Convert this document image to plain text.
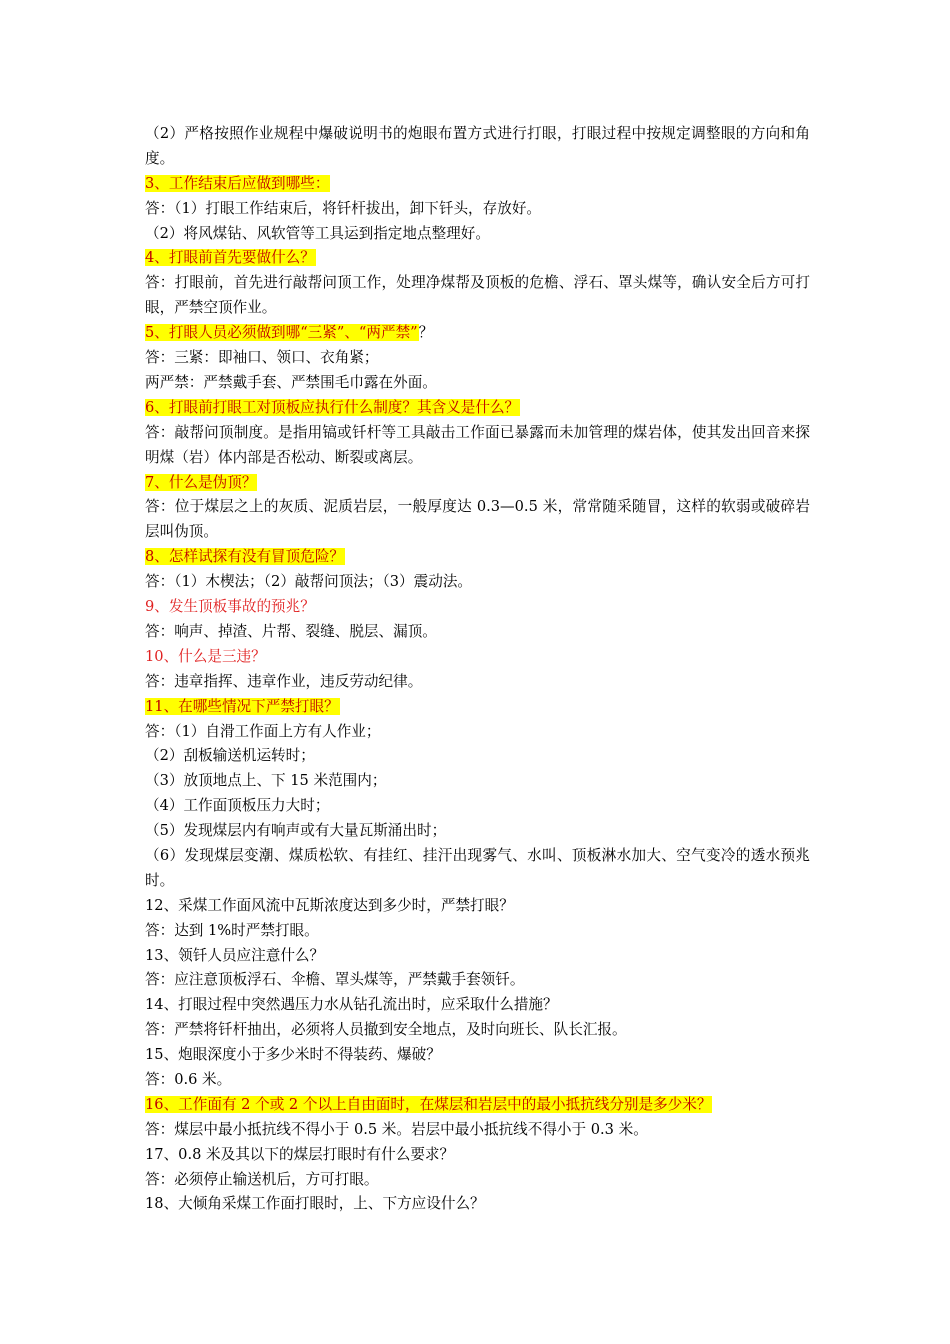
（2）严格按照作业规程中爆破说明书的炮眼布置方式进行打眼，打眼过程中按规定调整眼的方向和角度。
3、工作结束后应做到哪些：
答：（1）打眼工作结束后，将钎杆拔出，卸下钎头，存放好。
（2）将风煤钻、风软管等工具运到指定地点整理好。
4、打眼前首先要做什么？
答：打眼前，首先进行敲帮问顶工作，处理净煤帮及顶板的危檐、浮石、罩头煤等，确认安全后方可打眼，严禁空顶作业。
5、打眼人员必须做到哪“三紧”、“两严禁”？
答：三紧：即袖口、领口、衣角紧；
两严禁：严禁戴手套、严禁围毛巾露在外面。
6、打眼前打眼工对顶板应执行什么制度？其含义是什么？
答：敲帮问顶制度。是指用镐或钎杆等工具敲击工作面已暴露而未加管理的煤岩体，使其发出回音来探明煤（岩）体内部是否松动、断裂或离层。
7、什么是伪顶？
答：位于煤层之上的灰质、泥质岩层，一般厚度达 0.3—0.5 米，常常随采随冒，这样的软弱或破碎岩层叫伪顶。
8、怎样试探有没有冒顶危险？
答：（1）木楔法；（2）敲帮问顶法；（3）震动法。
9、发生顶板事故的预兆？
答：响声、掉渣、片帮、裂缝、脱层、漏顶。
10、什么是三违？
答：违章指挥、违章作业，违反劳动纪律。
11、在哪些情况下严禁打眼？
答：（1）自滑工作面上方有人作业；
（2）刮板输送机运转时；
（3）放顶地点上、下 15 米范围内；
（4）工作面顶板压力大时；
（5）发现煤层内有响声或有大量瓦斯涌出时；
（6）发现煤层变潮、煤质松软、有挂红、挂汗出现雾气、水叫、顶板淋水加大、空气变冷的透水预兆时。
12、采煤工作面风流中瓦斯浓度达到多少时，严禁打眼？
答：达到 1%时严禁打眼。
13、领钎人员应注意什么？
答：应注意顶板浮石、伞檐、罩头煤等，严禁戴手套领钎。
14、打眼过程中突然遇压力水从钻孔流出时，应采取什么措施？
答：严禁将钎杆抽出，必须将人员撤到安全地点，及时向班长、队长汇报。
15、炮眼深度小于多少米时不得装药、爆破？
答：0.6 米。
16、工作面有 2 个或 2 个以上自由面时，在煤层和岩层中的最小抵抗线分别是多少米？
答：煤层中最小抵抗线不得小于 0.5 米。岩层中最小抵抗线不得小于 0.3 米。
17、0.8 米及其以下的煤层打眼时有什么要求？
答：必须停止输送机后，方可打眼。
18、大倾角采煤工作面打眼时，上、下方应设什么？
